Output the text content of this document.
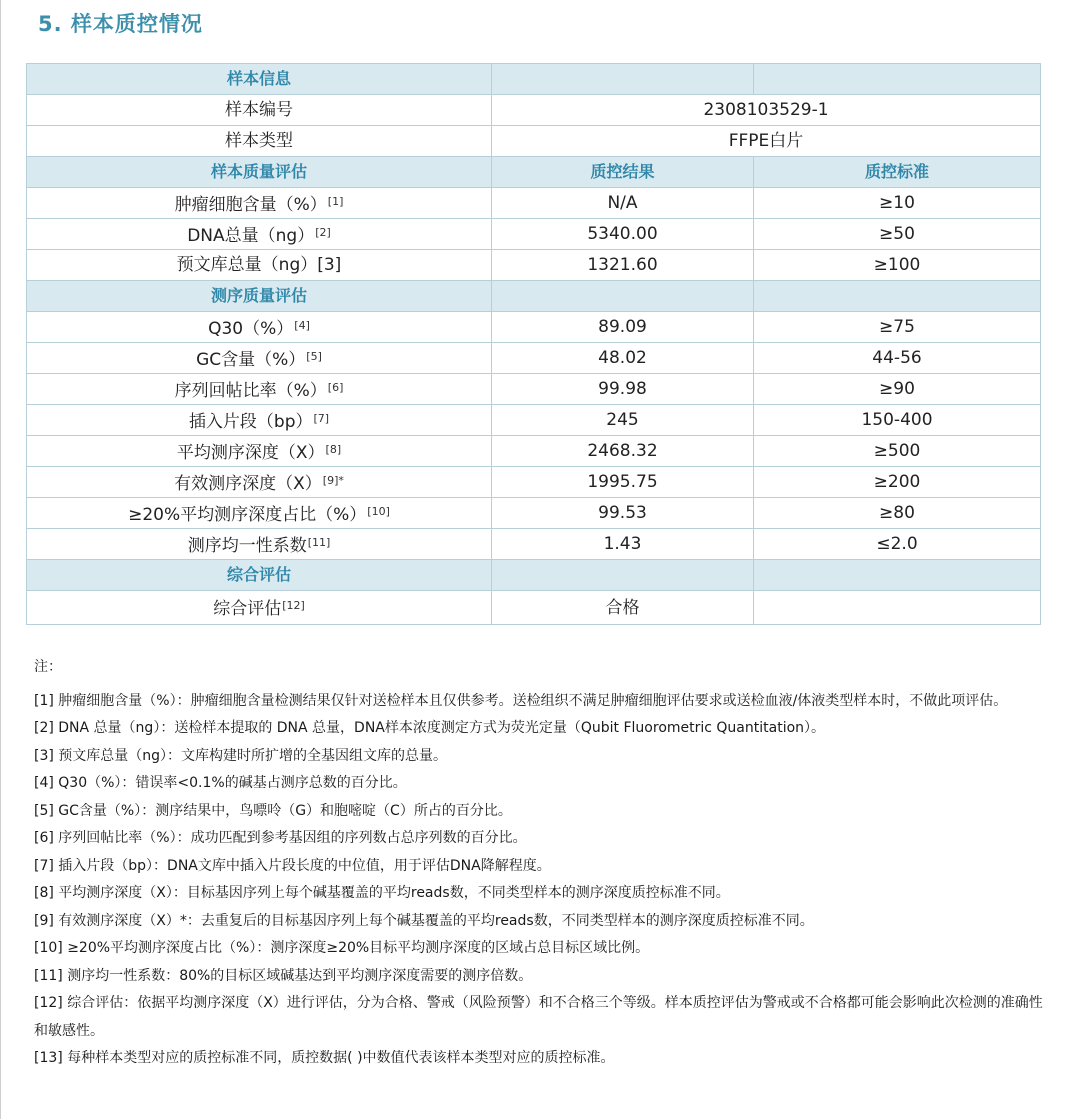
5. 样本质控情况
样本信息		
样本编号	2308103529-1	
样本类型	FFPE白片	
样本质量评估	质控结果	质控标准
肿瘤细胞含量（%）[1]	N/A	≥10
DNA总量（ng）[2]	5340.00	≥50
预文库总量（ng）[3]	1321.60	≥100
测序质量评估		
Q30（%）[4]	89.09	≥75
GC含量（%）[5]	48.02	44-56
序列回帖比率（%）[6]	99.98	≥90
插入片段（bp）[7]	245	150-400
平均测序深度（X）[8]	2468.32	≥500
有效测序深度$(X)^{[9]*}$	1995.75	≥200
≥20%平均测序深度占比（%）[10]	99.53	≥80
测序均一性系数[11]	1.43	≤2.0
综合评估		
综合评估[12]	合格	
注：

[1] 肿瘤细胞含量（%）：肿瘤细胞含量检测结果仅针对送检样本且仅供参考。送检组织不满足肿瘤细胞评估要求或送检血液/体液类型样本时，不做此项评估。

[2] DNA 总量（ng）：送检样本提取的 DNA 总量，DNA样本浓度测定方式为荧光定量（Qubit Fluorometric Quantitation）。

[3] 预文库总量（ng）：文库构建时所扩增的全基因组文库的总量。

[4] Q30（%）：错误率<0.1%的碱基占测序总数的百分比。

[5] GC含量（%）：测序结果中，鸟嘌呤（G）和胞嘧啶（C）所占的百分比。

[6] 序列回帖比率（%）：成功匹配到参考基因组的序列数占总序列数的百分比。

[7] 插入片段（bp）：DNA文库中插入片段长度的中位值，用于评估DNA降解程度。

[8] 平均测序深度（X）：目标基因序列上每个碱基覆盖的平均reads数，不同类型样本的测序深度质控标准不同。

[9] 有效测序深度（X）*：去重复后的目标基因序列上每个碱基覆盖的平均reads数，不同类型样本的测序深度质控标准不同。

[10] ≥20%平均测序深度占比（%）：测序深度≥20%目标平均测序深度的区域占总目标区域比例。

[11] 测序均一性系数：80%的目标区域碱基达到平均测序深度需要的测序倍数。

[12] 综合评估：依据平均测序深度（X）进行评估，分为合格、警戒（风险预警）和不合格三个等级。样本质控评估为警戒或不合格都可能会影响此次检测的准确性和敏感性。

[13] 每种样本类型对应的质控标准不同，质控数据( )中数值代表该样本类型对应的质控标准。
